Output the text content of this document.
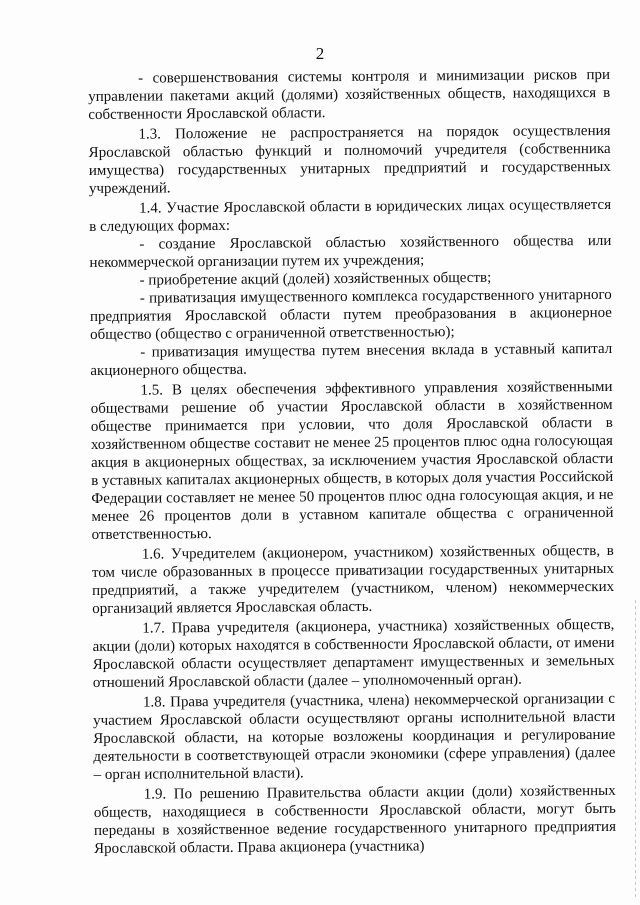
2

- совершенствования системы контроля и минимизации рисков при управлении пакетами акций (долями) хозяйственных обществ, находящихся в собственности Ярославской области.

1.3. Положение не распространяется на порядок осуществления Ярославской областью функций и полномочий учредителя (собственника имущества) государственных унитарных предприятий и государственных учреждений.

1.4. Участие Ярославской области в юридических лицах осуществляется в следующих формах:

- создание Ярославской областью хозяйственного общества или некоммерческой организации путем их учреждения;

- приобретение акций (долей) хозяйственных обществ;

- приватизация имущественного комплекса государственного унитарного предприятия Ярославской области путем преобразования в акционерное общество (общество с ограниченной ответственностью);

- приватизация имущества путем внесения вклада в уставный капитал акционерного общества.

1.5. В целях обеспечения эффективного управления хозяйственными обществами решение об участии Ярославской области в хозяйственном обществе принимается при условии, что доля Ярославской области в хозяйственном обществе составит не менее 25 процентов плюс одна голосующая акция в акционерных обществах, за исключением участия Ярославской области в уставных капиталах акционерных обществ, в которых доля участия Российской Федерации составляет не менее 50 процентов плюс одна голосующая акция, и не менее 26 процентов доли в уставном капитале общества с ограниченной ответственностью.

1.6. Учредителем (акционером, участником) хозяйственных обществ, в том числе образованных в процессе приватизации государственных унитарных предприятий, а также учредителем (участником, членом) некоммерческих организаций является Ярославская область.

1.7. Права учредителя (акционера, участника) хозяйственных обществ, акции (доли) которых находятся в собственности Ярославской области, от имени Ярославской области осуществляет департамент имущественных и земельных отношений Ярославской области (далее – уполномоченный орган).

1.8. Права учредителя (участника, члена) некоммерческой организации с участием Ярославской области осуществляют органы исполнительной власти Ярославской области, на которые возложены координация и регулирование деятельности в соответствующей отрасли экономики (сфере управления) (далее – орган исполнительной власти).

1.9. По решению Правительства области акции (доли) хозяйственных обществ, находящиеся в собственности Ярославской области, могут быть переданы в хозяйственное ведение государственного унитарного предприятия Ярославской области. Права акционера (участника)
